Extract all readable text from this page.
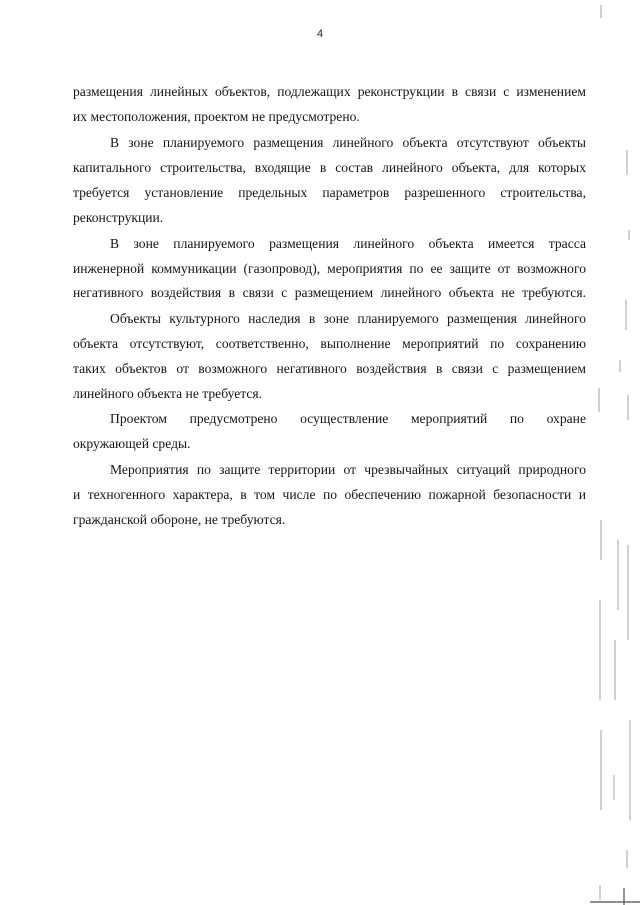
4
размещения линейных объектов, подлежащих реконструкции в связи с изменением
их местоположения, проектом не предусмотрено.
В зоне планируемого размещения линейного объекта отсутствуют объекты
капитального строительства, входящие в состав линейного объекта, для которых
требуется установление предельных параметров разрешенного строительства,
реконструкции.
В зоне планируемого размещения линейного объекта имеется трасса
инженерной коммуникации (газопровод), мероприятия по ее защите от возможного
негативного воздействия в связи с размещением линейного объекта не требуются.
Объекты культурного наследия в зоне планируемого размещения линейного
объекта отсутствуют, соответственно, выполнение мероприятий по сохранению
таких объектов от возможного негативного воздействия в связи с размещением
линейного объекта не требуется.
Проектом предусмотрено осуществление мероприятий по охране
окружающей среды.
Мероприятия по защите территории от чрезвычайных ситуаций природного
и техногенного характера, в том числе по обеспечению пожарной безопасности и
гражданской обороне, не требуются.
